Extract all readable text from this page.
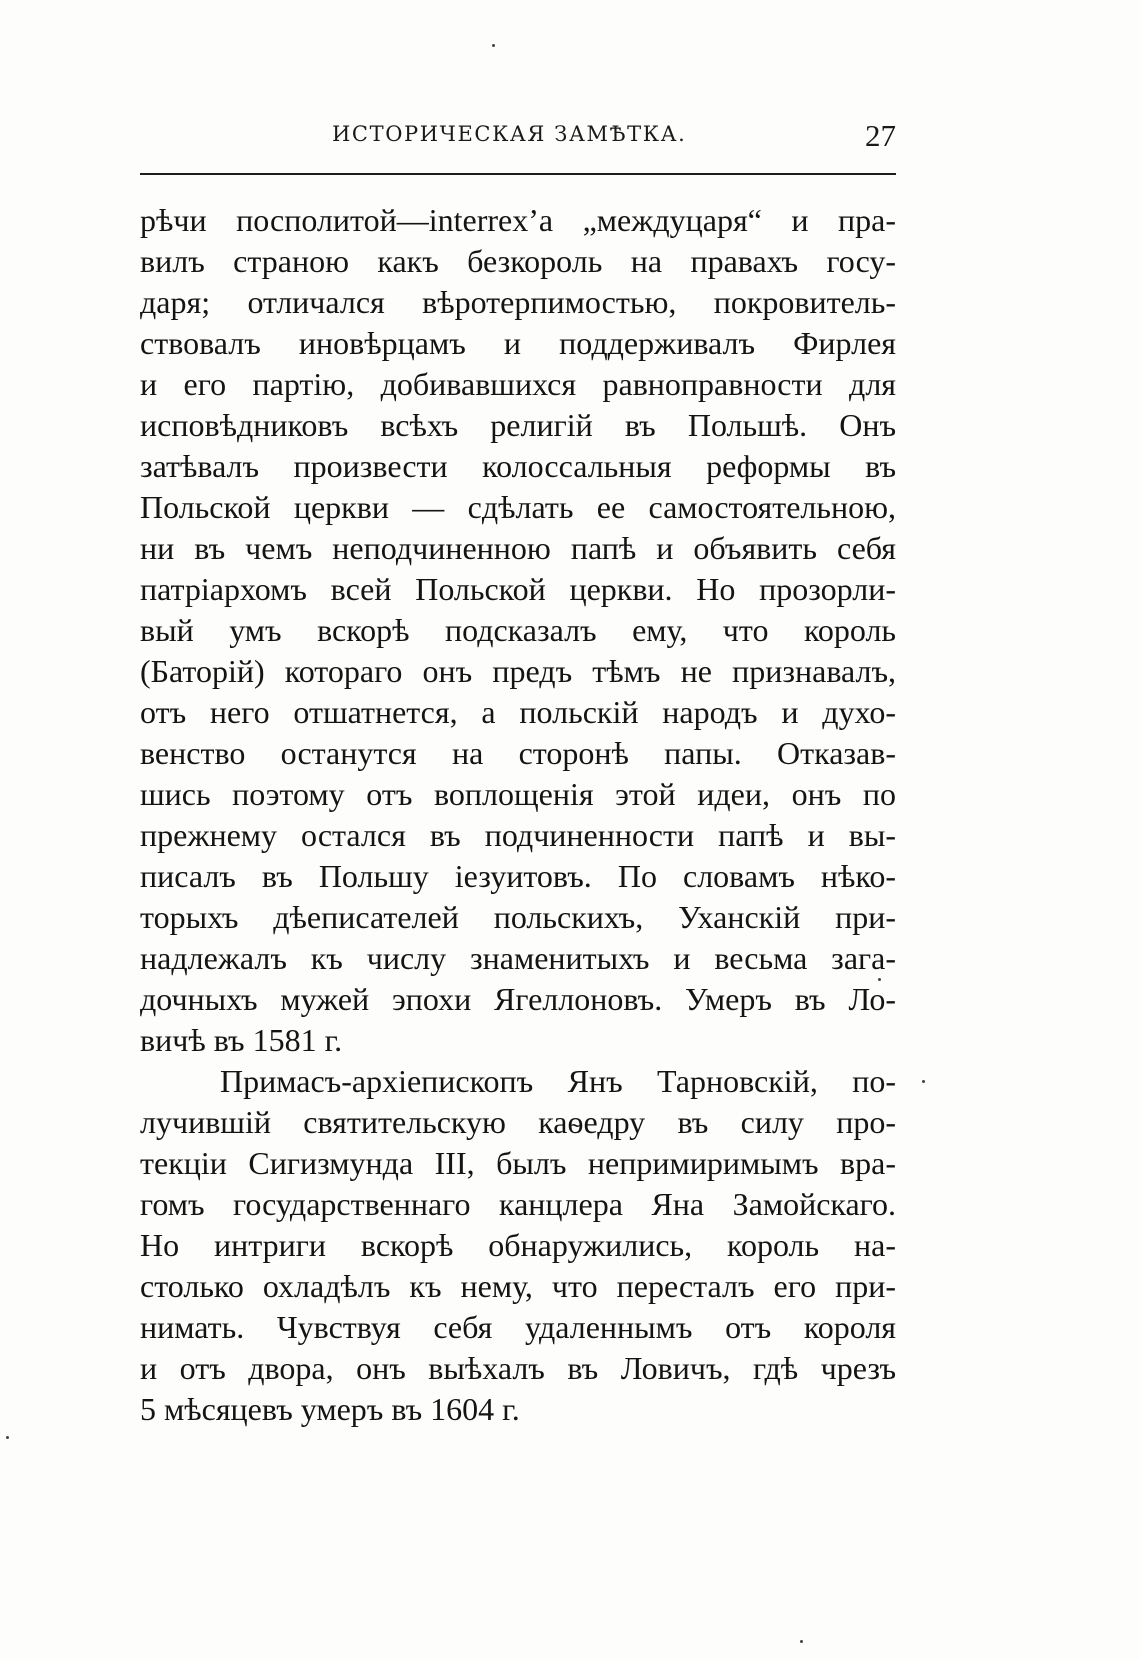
ИСТОРИЧЕСКАЯ ЗАМѢТКА.	27
рѣчи посполитой—interrex’a „междуцаря“ и пра-
вилъ страною какъ безкороль на правахъ госу-
даря; отличался вѣротерпимостью, покровитель-
ствовалъ иновѣрцамъ и поддерживалъ Фирлея
и его партію, добивавшихся равноправности для
исповѣдниковъ всѣхъ религій въ Польшѣ. Онъ
затѣвалъ произвести колоссальныя реформы въ
Польской церкви — сдѣлать ее самостоятельною,
ни въ чемъ неподчиненною папѣ и объявить себя
патріархомъ всей Польской церкви. Но прозорли-
вый умъ вскорѣ подсказалъ ему, что король
(Баторій) котораго онъ предъ тѣмъ не признавалъ,
отъ него отшатнется, а польскій народъ и духо-
венство останутся на сторонѣ папы. Отказав-
шись поэтому отъ воплощенія этой идеи, онъ по
прежнему остался въ подчиненности папѣ и вы-
писалъ въ Польшу іезуитовъ. По словамъ нѣко-
торыхъ дѣеписателей польскихъ, Уханскій при-
надлежалъ къ числу знаменитыхъ и весьма зага-
дочныхъ мужей эпохи Ягеллоновъ. Умеръ въ Ло-
вичѣ въ 1581 г.
Примасъ-архіепископъ Янъ Тарновскій, по-
лучившій святительскую каѳедру въ силу про-
текціи Сигизмунда III, былъ непримиримымъ вра-
гомъ государственнаго канцлера Яна Замойскаго.
Но интриги вскорѣ обнаружились, король на-
столько охладѣлъ къ нему, что пересталъ его при-
нимать. Чувствуя себя удаленнымъ отъ короля
и отъ двора, онъ выѣхалъ въ Ловичъ, гдѣ чрезъ
5 мѣсяцевъ умеръ въ 1604 г.
